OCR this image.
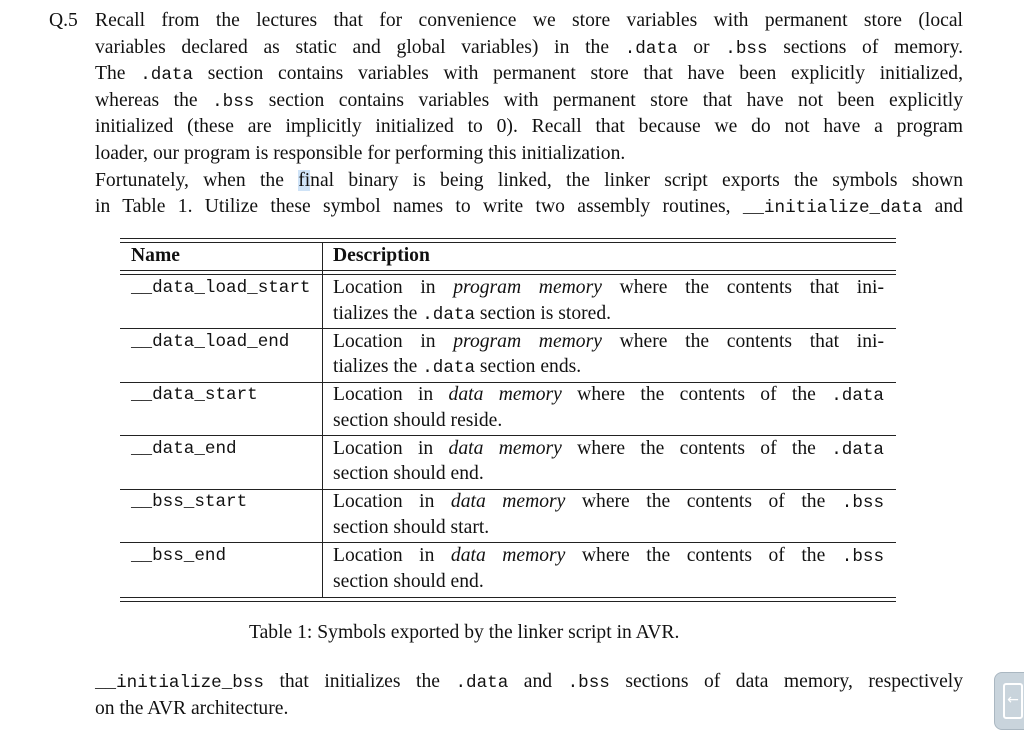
Q.5 Recall from the lectures that for convenience we store variables with permanent store (local
variables declared as static and global variables) in the .data or .bss sections of memory.
The .data section contains variables with permanent store that have been explicitly initialized,
whereas the .bss section contains variables with permanent store that have not been explicitly
initialized (these are implicitly initialized to 0). Recall that because we do not have a program
loader, our program is responsible for performing this initialization.
Fortunately, when the final binary is being linked, the linker script exports the symbols shown
in Table 1. Utilize these symbol names to write two assembly routines, __initialize_data and
Name	Description
__data_load_start Location in program memory where the contents that ini-
tializes the .data section is stored.
__data_load_end Location in program memory where the contents that ini-
tializes the .data section ends.
__data_start	Location in data memory where the contents of the .data
section should reside.
__data_end	Location in data memory where the contents of the .data
section should end.
__bss_start	Location in data memory where the contents of the .bss
section should start.
__bss_end	Location in data memory where the contents of the .bss
section should end.
Table 1: Symbols exported by the linker script in AVR.
__initialize_bss that initializes the .data and .bss sections of data memory, respectively
on the AVR architecture.	←
